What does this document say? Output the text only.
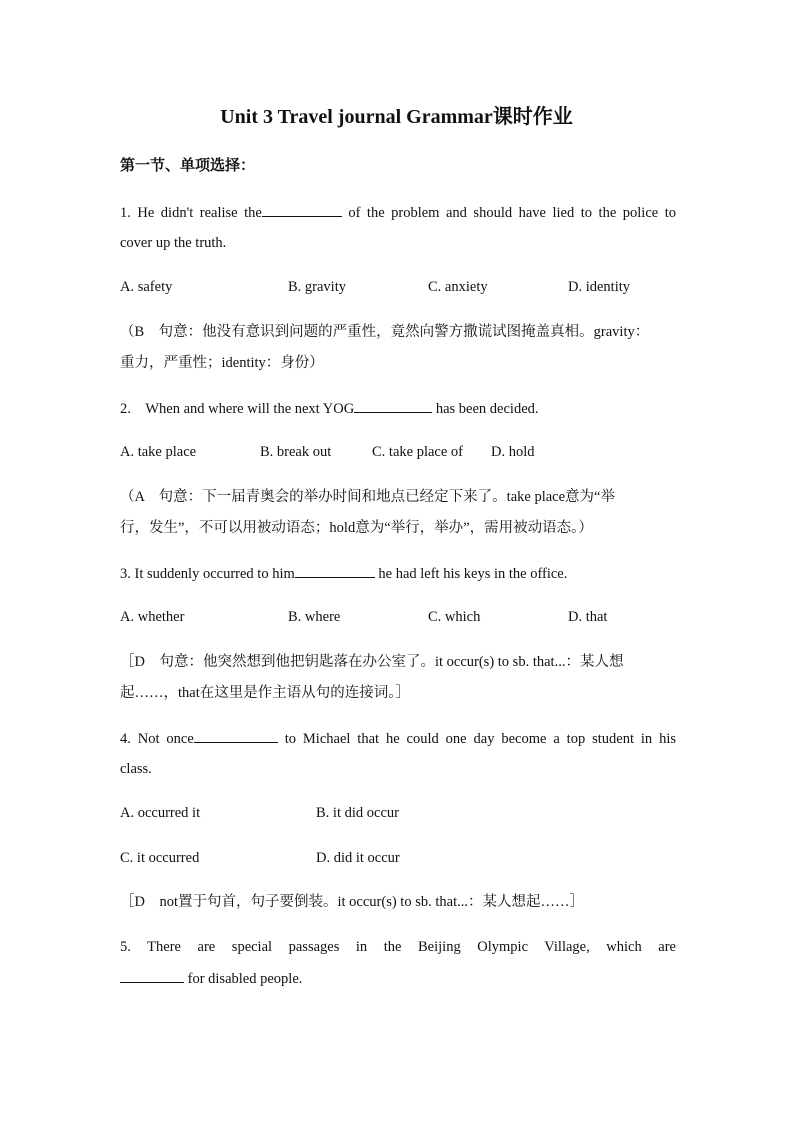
Unit 3 Travel journal Grammar课时作业
第一节、单项选择：
1. He didn't realise the	of the problem and should have lied to the police to
cover up the truth.
A. safety	B. gravity	C. anxiety	D. identity
（B　句意：他没有意识到问题的严重性，竟然向警方撒谎试图掩盖真相。gravity：
重力，严重性；identity：身份）
2.　When and where will the next YOG	has been decided.
A. take place	B. break out	C. take place of D. hold
（A　句意：下一届青奥会的举办时间和地点已经定下来了。take place意为“举
行，发生”，不可以用被动语态；hold意为“举行，举办”，需用被动语态。）
3. It suddenly occurred to him	he had left his keys in the office.
A. whether	B. where	C. which	D. that
［D　句意：他突然想到他把钥匙落在办公室了。it occur(s) to sb. that...：某人想
起……，that在这里是作主语从句的连接词。］
4. Not once	to Michael that he could one day become a top student in his
class.
A. occurred it	B. it did occur
C. it occurred	D. did it occur
［D　not置于句首，句子要倒装。it occur(s) to sb. that...：某人想起……］
5. There are special passages in the Beijing Olympic Village, which are
for disabled people.
